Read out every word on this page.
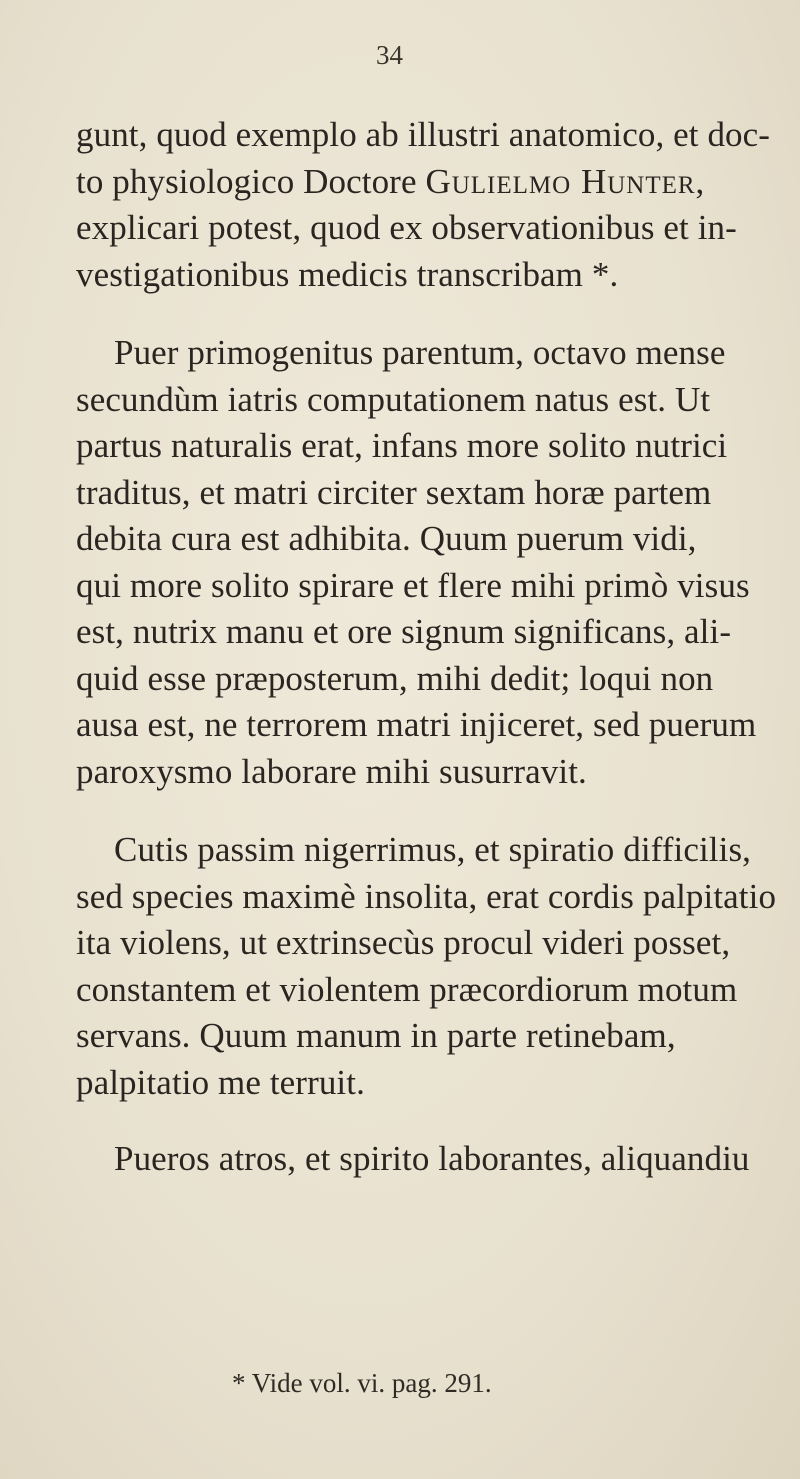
34
gunt, quod exemplo ab illustri anatomico, et doc-
to physiologico Doctore Gulielmo Hunter,
explicari potest, quod ex observationibus et in-
vestigationibus medicis transcribam *.
Puer primogenitus parentum, octavo mense
secundùm iatris computationem natus est. Ut
partus naturalis erat, infans more solito nutrici
traditus, et matri circiter sextam horæ partem
debita cura est adhibita. Quum puerum vidi,
qui more solito spirare et flere mihi primò visus
est, nutrix manu et ore signum significans, ali-
quid esse præposterum, mihi dedit; loqui non
ausa est, ne terrorem matri injiceret, sed puerum
paroxysmo laborare mihi susurravit.
Cutis passim nigerrimus, et spiratio difficilis,
sed species maximè insolita, erat cordis palpitatio
ita violens, ut extrinsecùs procul videri posset,
constantem et violentem præcordiorum motum
servans. Quum manum in parte retinebam,
palpitatio me terruit.
Pueros atros, et spirito laborantes, aliquandiu
* Vide vol. vi. pag. 291.
